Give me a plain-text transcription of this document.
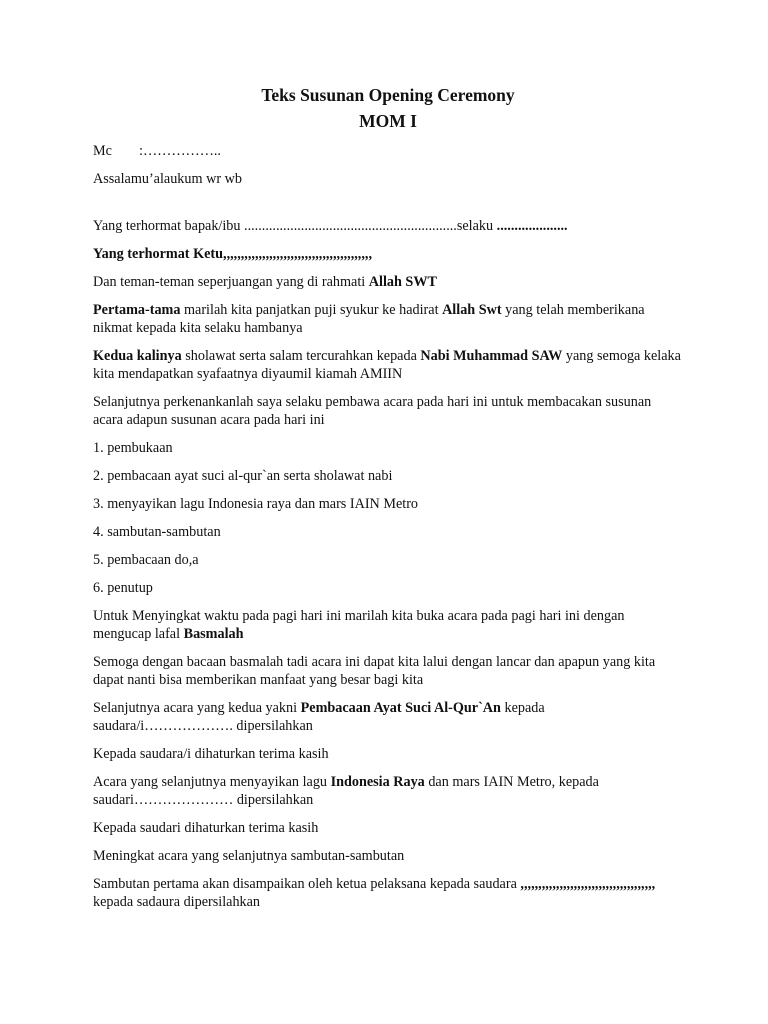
Teks Susunan Opening Ceremony
MOM I

Mc :……………..

Assalamu’alaukum wr wb

Yang terhormat bapak/ibu ............................................................selaku ....................

Yang terhormat Ketu,,,,,,,,,,,,,,,,,,,,,,,,,,,,,,,,,,,,,,,,,,

Dan teman-teman seperjuangan yang di rahmati Allah SWT

Pertama-tama marilah kita panjatkan puji syukur ke hadirat Allah Swt yang telah memberikana nikmat kepada kita selaku hambanya

Kedua kalinya sholawat serta salam tercurahkan kepada Nabi Muhammad SAW yang semoga kelaka kita mendapatkan syafaatnya diyaumil kiamah AMIIN

Selanjutnya perkenankanlah saya selaku pembawa acara pada hari ini untuk membacakan susunan acara adapun susunan acara pada hari ini

1. pembukaan

2. pembacaan ayat suci al-qur`an serta sholawat nabi

3. menyayikan lagu Indonesia raya dan mars IAIN Metro

4. sambutan-sambutan

5. pembacaan do,a

6. penutup

Untuk Menyingkat waktu pada pagi hari ini marilah kita buka acara pada pagi hari ini dengan mengucap lafal Basmalah

Semoga dengan bacaan basmalah tadi acara ini dapat kita lalui dengan lancar dan apapun yang kita dapat nanti bisa memberikan manfaat yang besar bagi kita

Selanjutnya acara yang kedua yakni Pembacaan Ayat Suci Al-Qur`An kepada saudara/i………………. dipersilahkan

Kepada saudara/i dihaturkan terima kasih

Acara yang selanjutnya menyayikan lagu Indonesia Raya dan mars IAIN Metro, kepada saudari………………… dipersilahkan

Kepada saudari dihaturkan terima kasih

Meningkat acara yang selanjutnya sambutan-sambutan

Sambutan pertama akan disampaikan oleh ketua pelaksana kepada saudara ,,,,,,,,,,,,,,,,,,,,,,,,,,,,,,,,,,,,,, kepada sadaura dipersilahkan
